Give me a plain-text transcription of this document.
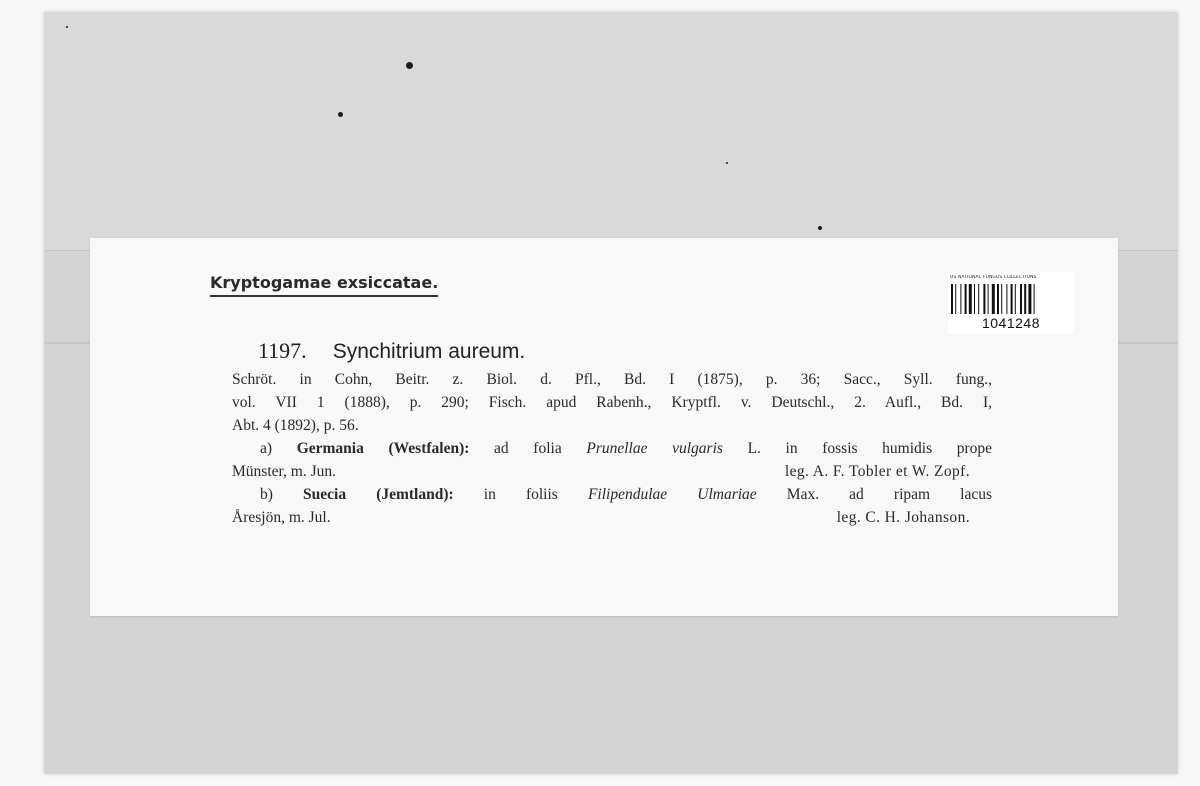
Kryptogamae exsiccatae.	US NATIONAL FUNGUS COLLECTIONS
1041248
1197. Synchitrium aureum.
Schröt. in Cohn, Beitr. z. Biol. d. Pfl., Bd. I (1875), p. 36; Sacc., Syll. fung.,
vol. VII 1 (1888), p. 290; Fisch. apud Rabenh., Kryptfl. v. Deutschl., 2. Aufl., Bd. I,
Abt. 4 (1892), p. 56.
a) Germania (Westfalen): ad folia Prunellae vulgaris L. in fossis humidis prope
Münster, m. Jun.	leg. A. F. Tobler et W. Zopf.
b) Suecia (Jemtland): in foliis Filipendulae Ulmariae Max. ad ripam lacus
Åresjön, m. Jul.	leg. C. H. Johanson.
